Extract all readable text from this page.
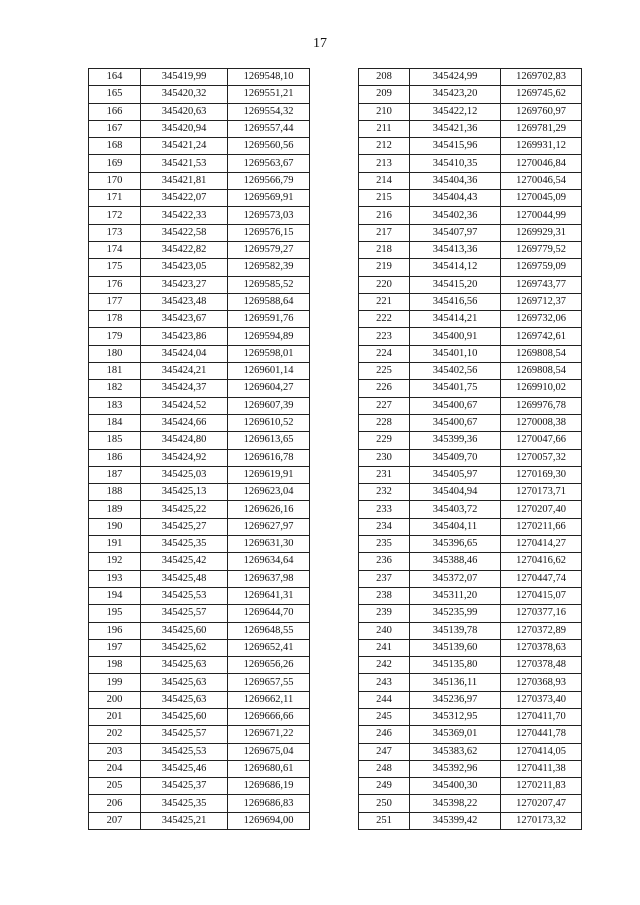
17
164	345419,99	1269548,10
165	345420,32	1269551,21
166	345420,63	1269554,32
167	345420,94	1269557,44
168	345421,24	1269560,56
169	345421,53	1269563,67
170	345421,81	1269566,79
171	345422,07	1269569,91
172	345422,33	1269573,03
173	345422,58	1269576,15
174	345422,82	1269579,27
175	345423,05	1269582,39
176	345423,27	1269585,52
177	345423,48	1269588,64
178	345423,67	1269591,76
179	345423,86	1269594,89
180	345424,04	1269598,01
181	345424,21	1269601,14
182	345424,37	1269604,27
183	345424,52	1269607,39
184	345424,66	1269610,52
185	345424,80	1269613,65
186	345424,92	1269616,78
187	345425,03	1269619,91
188	345425,13	1269623,04
189	345425,22	1269626,16
190	345425,27	1269627,97
191	345425,35	1269631,30
192	345425,42	1269634,64
193	345425,48	1269637,98
194	345425,53	1269641,31
195	345425,57	1269644,70
196	345425,60	1269648,55
197	345425,62	1269652,41
198	345425,63	1269656,26
199	345425,63	1269657,55
200	345425,63	1269662,11
201	345425,60	1269666,66
202	345425,57	1269671,22
203	345425,53	1269675,04
204	345425,46	1269680,61
205	345425,37	1269686,19
206	345425,35	1269686,83
207	345425,21	1269694,00
208	345424,99	1269702,83
209	345423,20	1269745,62
210	345422,12	1269760,97
211	345421,36	1269781,29
212	345415,96	1269931,12
213	345410,35	1270046,84
214	345404,36	1270046,54
215	345404,43	1270045,09
216	345402,36	1270044,99
217	345407,97	1269929,31
218	345413,36	1269779,52
219	345414,12	1269759,09
220	345415,20	1269743,77
221	345416,56	1269712,37
222	345414,21	1269732,06
223	345400,91	1269742,61
224	345401,10	1269808,54
225	345402,56	1269808,54
226	345401,75	1269910,02
227	345400,67	1269976,78
228	345400,67	1270008,38
229	345399,36	1270047,66
230	345409,70	1270057,32
231	345405,97	1270169,30
232	345404,94	1270173,71
233	345403,72	1270207,40
234	345404,11	1270211,66
235	345396,65	1270414,27
236	345388,46	1270416,62
237	345372,07	1270447,74
238	345311,20	1270415,07
239	345235,99	1270377,16
240	345139,78	1270372,89
241	345139,60	1270378,63
242	345135,80	1270378,48
243	345136,11	1270368,93
244	345236,97	1270373,40
245	345312,95	1270411,70
246	345369,01	1270441,78
247	345383,62	1270414,05
248	345392,96	1270411,38
249	345400,30	1270211,83
250	345398,22	1270207,47
251	345399,42	1270173,32
